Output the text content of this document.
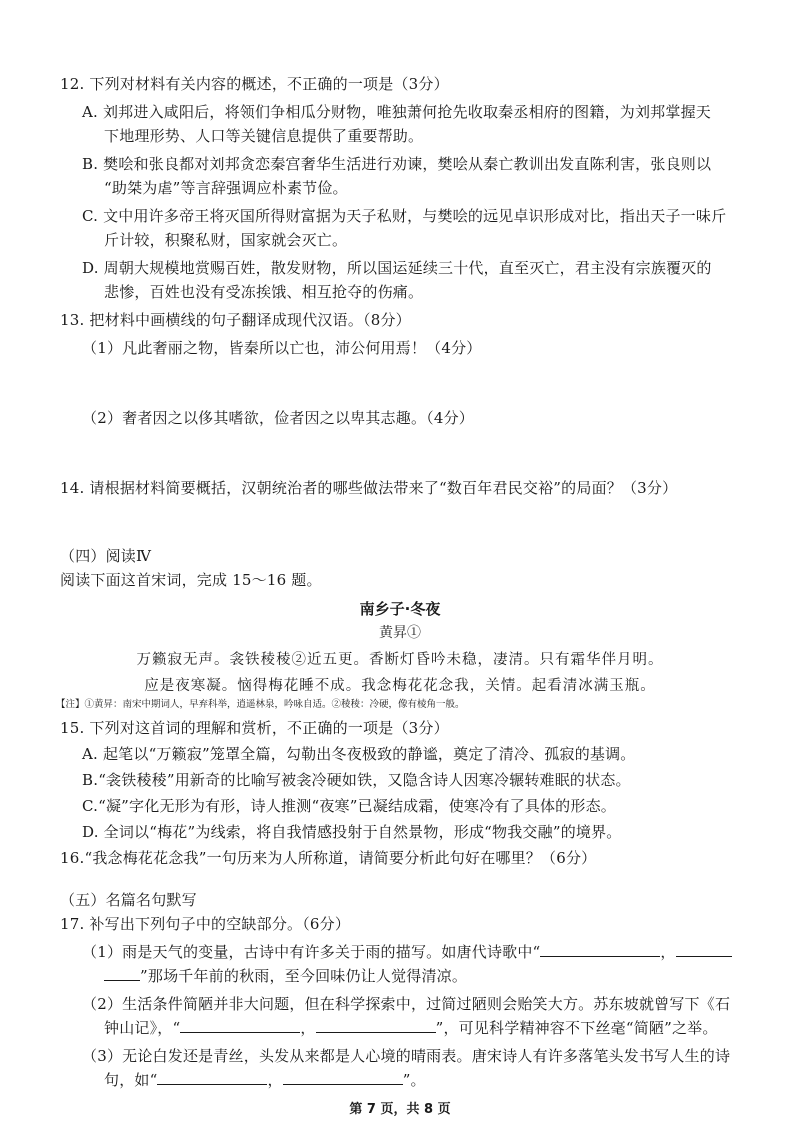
12. 下列对材料有关内容的概述，不正确的一项是（3分）
A. 刘邦进入咸阳后，将领们争相瓜分财物，唯独萧何抢先收取秦丞相府的图籍，为刘邦掌握天
下地理形势、人口等关键信息提供了重要帮助。
B. 樊哙和张良都对刘邦贪恋秦宫奢华生活进行劝谏，樊哙从秦亡教训出发直陈利害，张良则以
“助桀为虐”等言辞强调应朴素节俭。
C. 文中用许多帝王将灭国所得财富据为天子私财，与樊哙的远见卓识形成对比，指出天子一味斤
斤计较，积聚私财，国家就会灭亡。
D. 周朝大规模地赏赐百姓，散发财物，所以国运延续三十代，直至灭亡，君主没有宗族覆灭的
悲惨，百姓也没有受冻挨饿、相互抢夺的伤痛。
13. 把材料中画横线的句子翻译成现代汉语。（8分）
（1）凡此奢丽之物，皆秦所以亡也，沛公何用焉！（4分）
（2）奢者因之以侈其嗜欲，俭者因之以卑其志趣。（4分）
14. 请根据材料简要概括，汉朝统治者的哪些做法带来了“数百年君民交裕”的局面？（3分）
（四）阅读Ⅳ
阅读下面这首宋词，完成 15～16 题。
南乡子·冬夜
黄昇①
万籁寂无声。衾铁稜稜②近五更。香断灯昏吟未稳，凄清。只有霜华伴月明。
应是夜寒凝。恼得梅花睡不成。我念梅花花念我，关情。起看清冰满玉瓶。
【注】①黄昇：南宋中期词人，早弃科举，逍遥林泉，吟咏自适。②稜稜：冷硬，像有棱角一般。
15. 下列对这首词的理解和赏析，不正确的一项是（3分）
A. 起笔以“万籁寂”笼罩全篇，勾勒出冬夜极致的静谧，奠定了清冷、孤寂的基调。
B.“衾铁稜稜”用新奇的比喻写被衾冷硬如铁，又隐含诗人因寒冷辗转难眠的状态。
C.“凝”字化无形为有形，诗人推测“夜寒”已凝结成霜，使寒冷有了具体的形态。
D. 全词以“梅花”为线索，将自我情感投射于自然景物，形成“物我交融”的境界。
16.“我念梅花花念我”一句历来为人所称道，请简要分析此句好在哪里？（6分）
（五）名篇名句默写
17. 补写出下列句子中的空缺部分。（6分）
（1）雨是天气的变量，古诗中有许多关于雨的描写。如唐代诗歌中“	，
”那场千年前的秋雨，至今回味仍让人觉得清凉。
（2）生活条件简陋并非大问题，但在科学探索中，过简过陋则会贻笑大方。苏东坡就曾写下《石
钟山记》，“	，	”，可见科学精神容不下丝毫“简陋”之举。
（3）无论白发还是青丝，头发从来都是人心境的晴雨表。唐宋诗人有许多落笔头发书写人生的诗
句，如“	，	”。
第 7 页，共 8 页
